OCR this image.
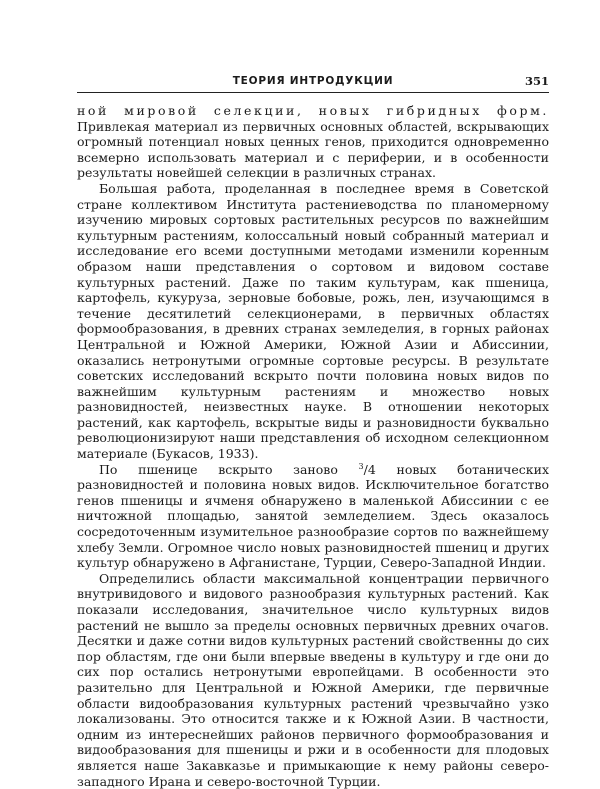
ТЕОРИЯ ИНТРОДУКЦИИ	351

ной мировой селекции, новых гибридных форм. Привлекая материал из первичных основных областей, вскрывающих огромный потенциал новых ценных генов, приходится одновременно всемерно использовать материал и с периферии, и в особенности результаты новейшей селекции в различных странах.

Большая работа, проделанная в последнее время в Советской стране коллективом Института растениеводства по планомерному изучению мировых сортовых растительных ресурсов по важнейшим культурным растениям, колоссальный новый собранный материал и исследование его всеми доступными методами изменили коренным образом наши представления о сортовом и видовом составе культурных растений. Даже по таким культурам, как пшеница, картофель, кукуруза, зерновые бобовые, рожь, лен, изучающимся в течение десятилетий селекционерами, в первичных областях формообразования, в древних странах земледелия, в горных районах Центральной и Южной Америки, Южной Азии и Абиссинии, оказались нетронутыми огромные сортовые ресурсы. В результате советских исследований вскрыто почти половина новых видов по важнейшим культурным растениям и множество новых разновидностей, неизвестных науке. В отношении некоторых растений, как картофель, вскрытые виды и разновидности буквально революционизируют наши представления об исходном селекционном материале (Букасов, 1933).

По пшенице вскрыто заново $^3$/4 новых ботанических разновидностей и половина новых видов. Исключительное богатство генов пшеницы и ячменя обнаружено в маленькой Абиссинии с ее ничтожной площадью, занятой земледелием. Здесь оказалось сосредоточенным изумительное разнообразие сортов по важнейшему хлебу Земли. Огромное число новых разновидностей пшениц и других культур обнаружено в Афганистане, Турции, Северо-Западной Индии.

Определились области максимальной концентрации первичного внутривидового и видового разнообразия культурных растений. Как показали исследования, значительное число культурных видов растений не вышло за пределы основных первичных древних очагов. Десятки и даже сотни видов культурных растений свойственны до сих пор областям, где они были впервые введены в культуру и где они до сих пор остались нетронутыми европейцами. В особенности это разительно для Центральной и Южной Америки, где первичные области видообразования культурных растений чрезвычайно узко локализованы. Это относится также и к Южной Азии. В частности, одним из интереснейших районов первичного формообразования и видообразования для пшеницы и ржи и в особенности для плодовых является наше Закавказье и примыкающие к нему районы северо-западного Ирана и северо-восточной Турции.
